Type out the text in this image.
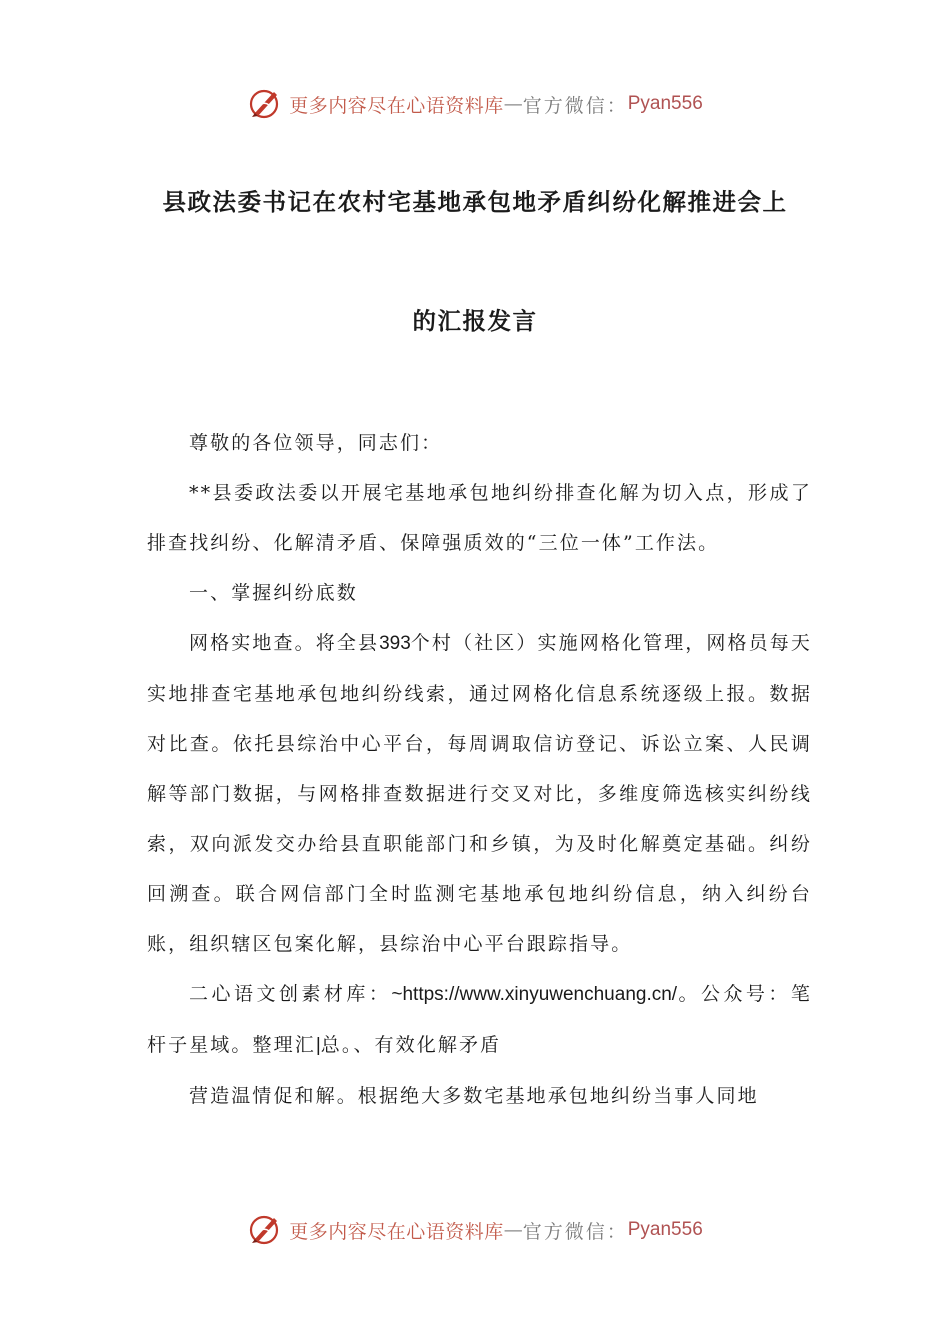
更多内容尽在心语资料库 — 官方微信： Pyan556
县政法委书记在农村宅基地承包地矛盾纠纷化解推进会上
的汇报发言

尊敬的各位领导，同志们：

**县委政法委以开展宅基地承包地纠纷排查化解为切入点，形成了排查找纠纷、化解清矛盾、保障强质效的“三位一体”工作法。

一、掌握纠纷底数

网格实地查。将全县393个村（社区）实施网格化管理，网格员每天实地排查宅基地承包地纠纷线索，通过网格化信息系统逐级上报。数据对比查。依托县综治中心平台，每周调取信访登记、诉讼立案、人民调解等部门数据，与网格排查数据进行交叉对比，多维度筛选核实纠纷线索，双向派发交办给县直职能部门和乡镇，为及时化解奠定基础。纠纷回溯查。联合网信部门全时监测宅基地承包地纠纷信息，纳入纠纷台账，组织辖区包案化解，县综治中心平台跟踪指导。

二心语文创素材库：~https://www.xinyuwenchuang.cn/。公众号：笔杆子星域。整理汇|总。、有效化解矛盾

营造温情促和解。根据绝大多数宅基地承包地纠纷当事人同地

更多内容尽在心语资料库 — 官方微信： Pyan556
